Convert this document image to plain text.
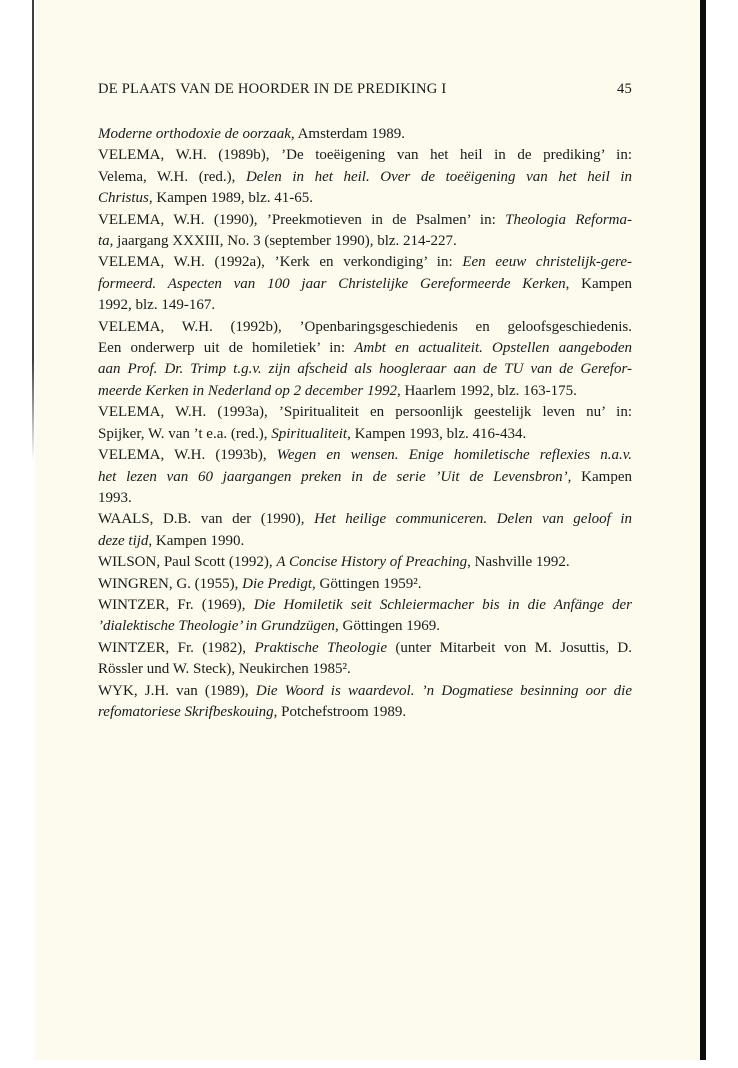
DE PLAATS VAN DE HOORDER IN DE PREDIKING I	45
Moderne orthodoxie de oorzaak, Amsterdam 1989.
VELEMA, W.H. (1989b), ’De toeëigening van het heil in de prediking’ in:
Velema, W.H. (red.), Delen in het heil. Over de toeëigening van het heil in
Christus, Kampen 1989, blz. 41-65.
VELEMA, W.H. (1990), ’Preekmotieven in de Psalmen’ in: Theologia Reforma-
ta, jaargang XXXIII, No. 3 (september 1990), blz. 214-227.
VELEMA, W.H. (1992a), ’Kerk en verkondiging’ in: Een eeuw christelijk-gere-
formeerd. Aspecten van 100 jaar Christelijke Gereformeerde Kerken, Kampen
1992, blz. 149-167.
VELEMA, W.H. (1992b), ’Openbaringsgeschiedenis en geloofsgeschiedenis.
Een onderwerp uit de homiletiek’ in: Ambt en actualiteit. Opstellen aangeboden
aan Prof. Dr. Trimp t.g.v. zijn afscheid als hoogleraar aan de TU van de Gerefor-
meerde Kerken in Nederland op 2 december 1992, Haarlem 1992, blz. 163-175.
VELEMA, W.H. (1993a), ’Spiritualiteit en persoonlijk geestelijk leven nu’ in:
Spijker, W. van ’t e.a. (red.), Spiritualiteit, Kampen 1993, blz. 416-434.
VELEMA, W.H. (1993b), Wegen en wensen. Enige homiletische reflexies n.a.v.
het lezen van 60 jaargangen preken in de serie ’Uit de Levensbron’, Kampen
1993.
WAALS, D.B. van der (1990), Het heilige communiceren. Delen van geloof in
deze tijd, Kampen 1990.
WILSON, Paul Scott (1992), A Concise History of Preaching, Nashville 1992.
WINGREN, G. (1955), Die Predigt, Göttingen 1959².
WINTZER, Fr. (1969), Die Homiletik seit Schleiermacher bis in die Anfänge der
’dialektische Theologie’ in Grundzügen, Göttingen 1969.
WINTZER, Fr. (1982), Praktische Theologie (unter Mitarbeit von M. Josuttis, D.
Rössler und W. Steck), Neukirchen 1985².
WYK, J.H. van (1989), Die Woord is waardevol. ’n Dogmatiese besinning oor die
refomatoriese Skrifbeskouing, Potchefstroom 1989.
